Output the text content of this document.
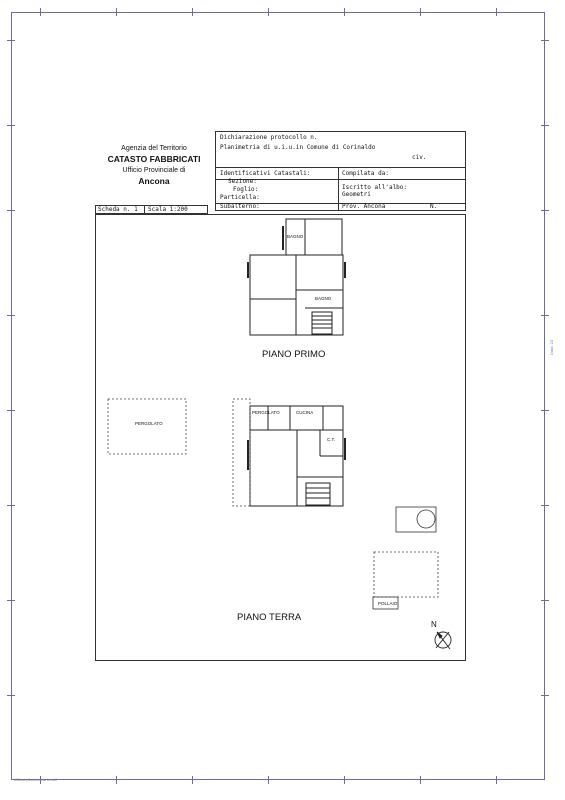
Agenzia del Territorio
CATASTO FABBRICATI
Ufficio Provinciale di
Ancona
Dichiarazione protocollo n.
Planimetria di u.i.u.in Comune di Corinaldo
civ.
Identificativi Catastali:
Sezione:
Foglio:
Particella:
Subalterno:
Compilata da:
Iscritto all'albo:
Geometri
Prov. Ancona	N.
Scheda n. 1 Scala 1:200
BAGNO
BAGNO
PERGOLATO
PERGOLATO	CUCINA
C.T.
POLLAIO
PIANO PRIMO
PIANO TERRA
N
Data: 23
Ultima planimetria in atti
